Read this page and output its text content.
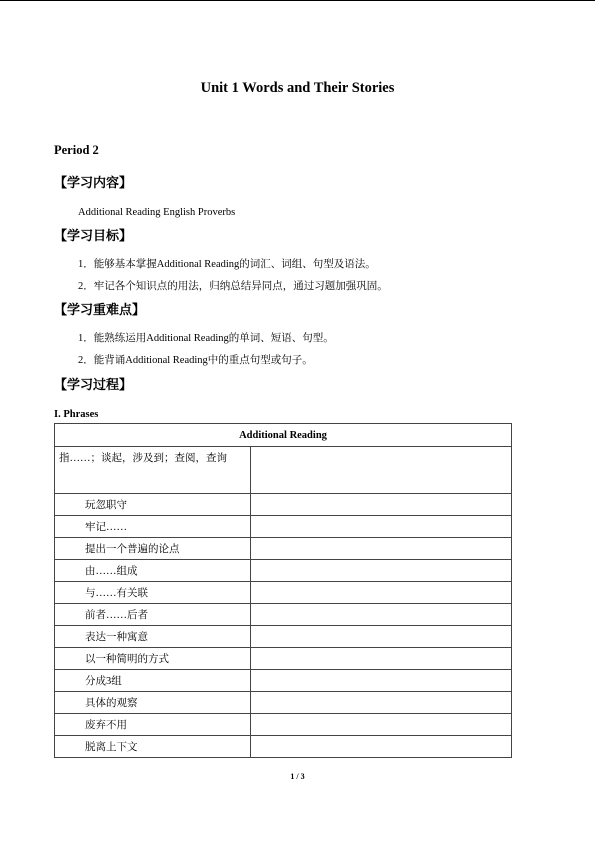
Unit 1 Words and Their Stories
Period 2
【学习内容】
Additional Reading English Proverbs
【学习目标】
1．能够基本掌握Additional Reading的词汇、词组、句型及语法。
2．牢记各个知识点的用法，归纳总结异同点，通过习题加强巩固。
【学习重难点】
1．能熟练运用Additional Reading的单词、短语、句型。
2．能背诵Additional Reading中的重点句型或句子。
【学习过程】
I. Phrases
Additional Reading	
指……；谈起，涉及到；查阅，查询	
玩忽职守	
牢记……	
提出一个普遍的论点	
由……组成	
与……有关联	
前者……后者	
表达一种寓意	
以一种简明的方式	
分成3组	
具体的观察	
废弃不用	
脱离上下文	
1 / 3
